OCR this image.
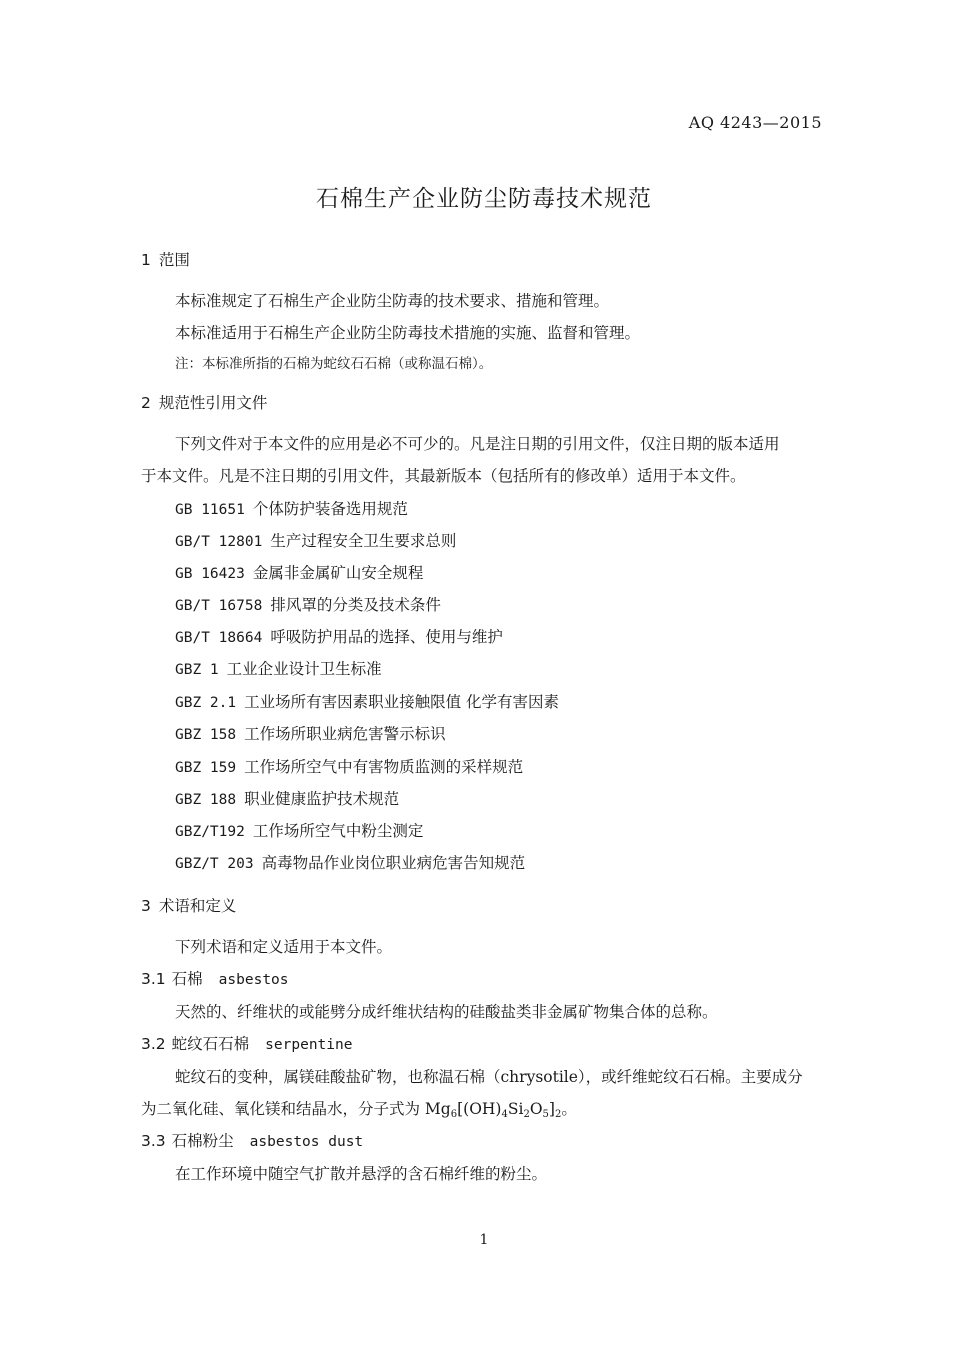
AQ 4243—2015
石棉生产企业防尘防毒技术规范
1 范围
本标准规定了石棉生产企业防尘防毒的技术要求、措施和管理。
本标准适用于石棉生产企业防尘防毒技术措施的实施、监督和管理。
注：本标准所指的石棉为蛇纹石石棉（或称温石棉）。
2 规范性引用文件
下列文件对于本文件的应用是必不可少的。凡是注日期的引用文件，仅注日期的版本适用
于本文件。凡是不注日期的引用文件，其最新版本（包括所有的修改单）适用于本文件。
GB 11651 个体防护装备选用规范
GB/T 12801 生产过程安全卫生要求总则
GB 16423 金属非金属矿山安全规程
GB/T 16758 排风罩的分类及技术条件
GB/T 18664 呼吸防护用品的选择、使用与维护
GBZ 1 工业企业设计卫生标准
GBZ 2.1 工业场所有害因素职业接触限值 化学有害因素
GBZ 158 工作场所职业病危害警示标识
GBZ 159 工作场所空气中有害物质监测的采样规范
GBZ 188 职业健康监护技术规范
GBZ/T192 工作场所空气中粉尘测定
GBZ/T 203 高毒物品作业岗位职业病危害告知规范
3 术语和定义
下列术语和定义适用于本文件。
3.1 石棉 asbestos
天然的、纤维状的或能劈分成纤维状结构的硅酸盐类非金属矿物集合体的总称。
3.2 蛇纹石石棉 serpentine
蛇纹石的变种，属镁硅酸盐矿物，也称温石棉（chrysotile），或纤维蛇纹石石棉。主要成分
为二氧化硅、氧化镁和结晶水，分子式为 $Mg_6[(OH)_4Si_2O_5]_2$。
3.3 石棉粉尘 asbestos dust
在工作环境中随空气扩散并悬浮的含石棉纤维的粉尘。
1
